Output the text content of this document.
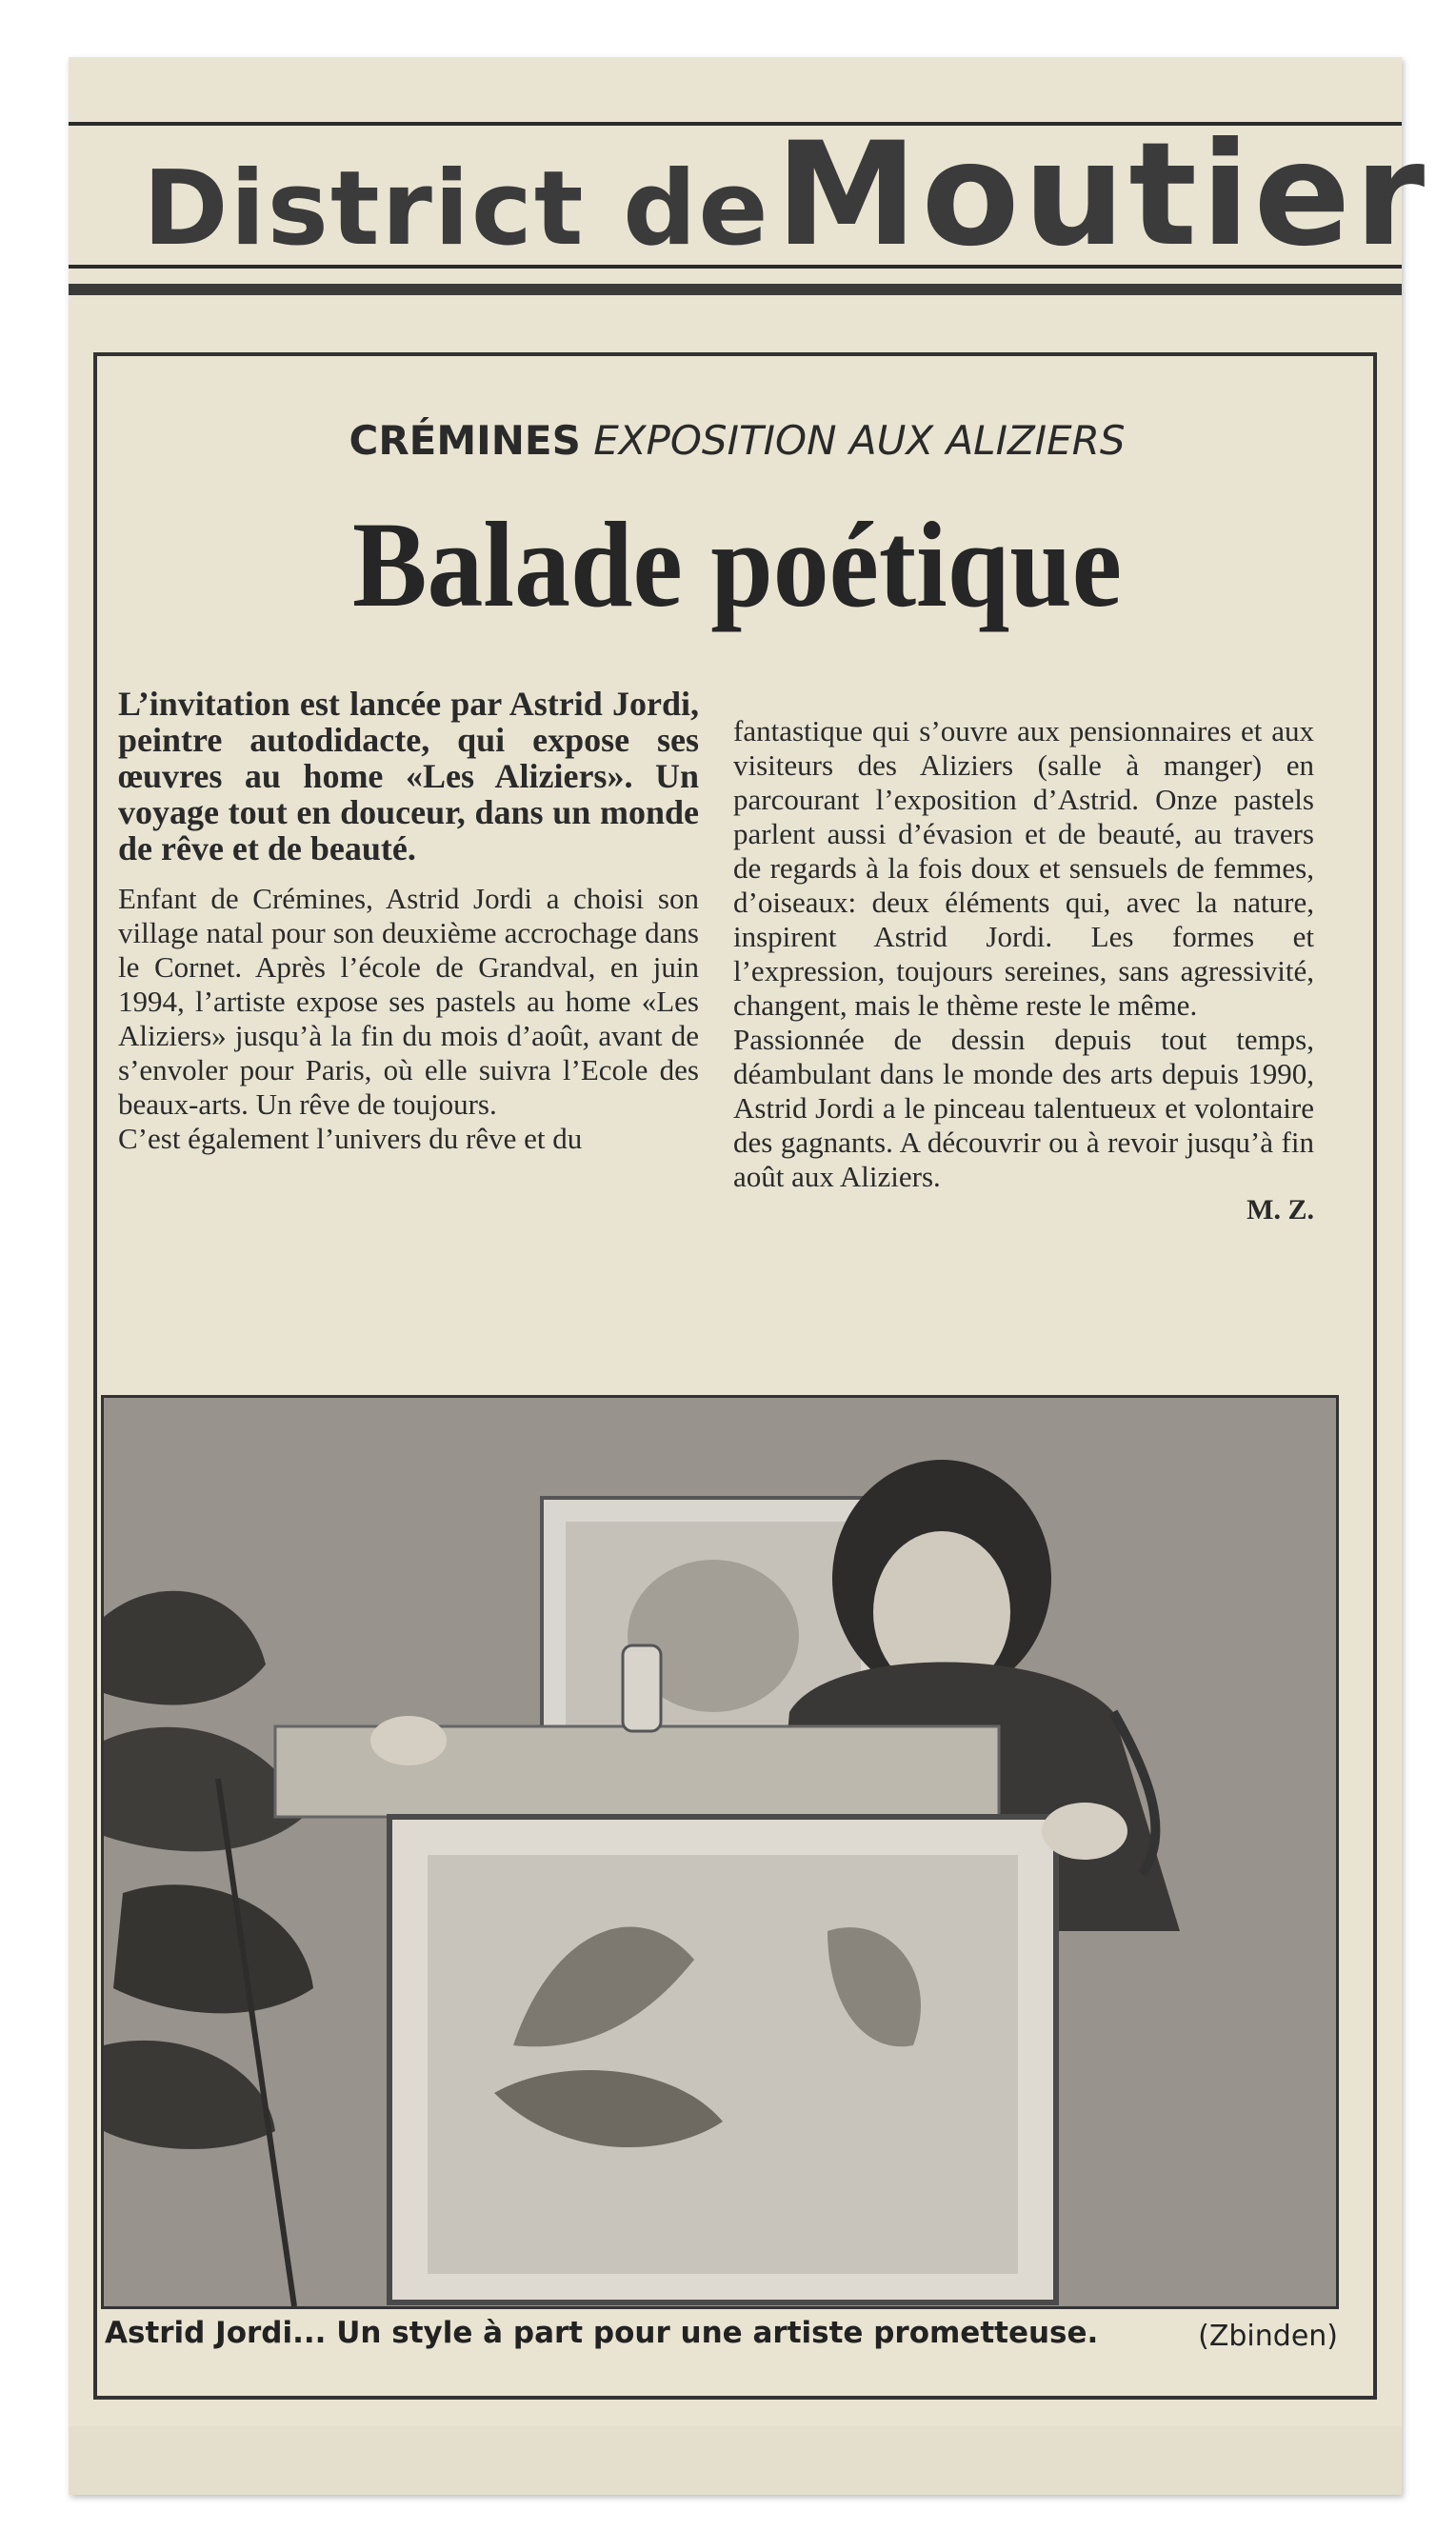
District de Moutier
CRÉMINES EXPOSITION AUX ALIZIERS
Balade poétique

L’invitation est lancée par Astrid Jordi, peintre autodidacte, qui expose ses œuvres au home «Les Aliziers». Un voyage tout en douceur, dans un monde de rêve et de beauté.

Enfant de Crémines, Astrid Jordi a choisi son village natal pour son deuxième accrochage dans le Cornet. Après l’école de Grandval, en juin 1994, l’artiste expose ses pastels au home «Les Aliziers» jusqu’à la fin du mois d’août, avant de s’envoler pour Paris, où elle suivra l’Ecole des beaux-arts. Un rêve de toujours.

C’est également l’univers du rêve et du

fantastique qui s’ouvre aux pensionnaires et aux visiteurs des Aliziers (salle à manger) en parcourant l’exposition d’Astrid. Onze pastels parlent aussi d’évasion et de beauté, au travers de regards à la fois doux et sensuels de femmes, d’oiseaux: deux éléments qui, avec la nature, inspirent Astrid Jordi. Les formes et l’expression, toujours sereines, sans agressivité, changent, mais le thème reste le même.

Passionnée de dessin depuis tout temps, déambulant dans le monde des arts depuis 1990, Astrid Jordi a le pinceau talentueux et volontaire des gagnants. A découvrir ou à revoir jusqu’à fin août aux Aliziers.

M. Z.

Astrid Jordi... Un style à part pour une artiste prometteuse.	(Zbinden)
